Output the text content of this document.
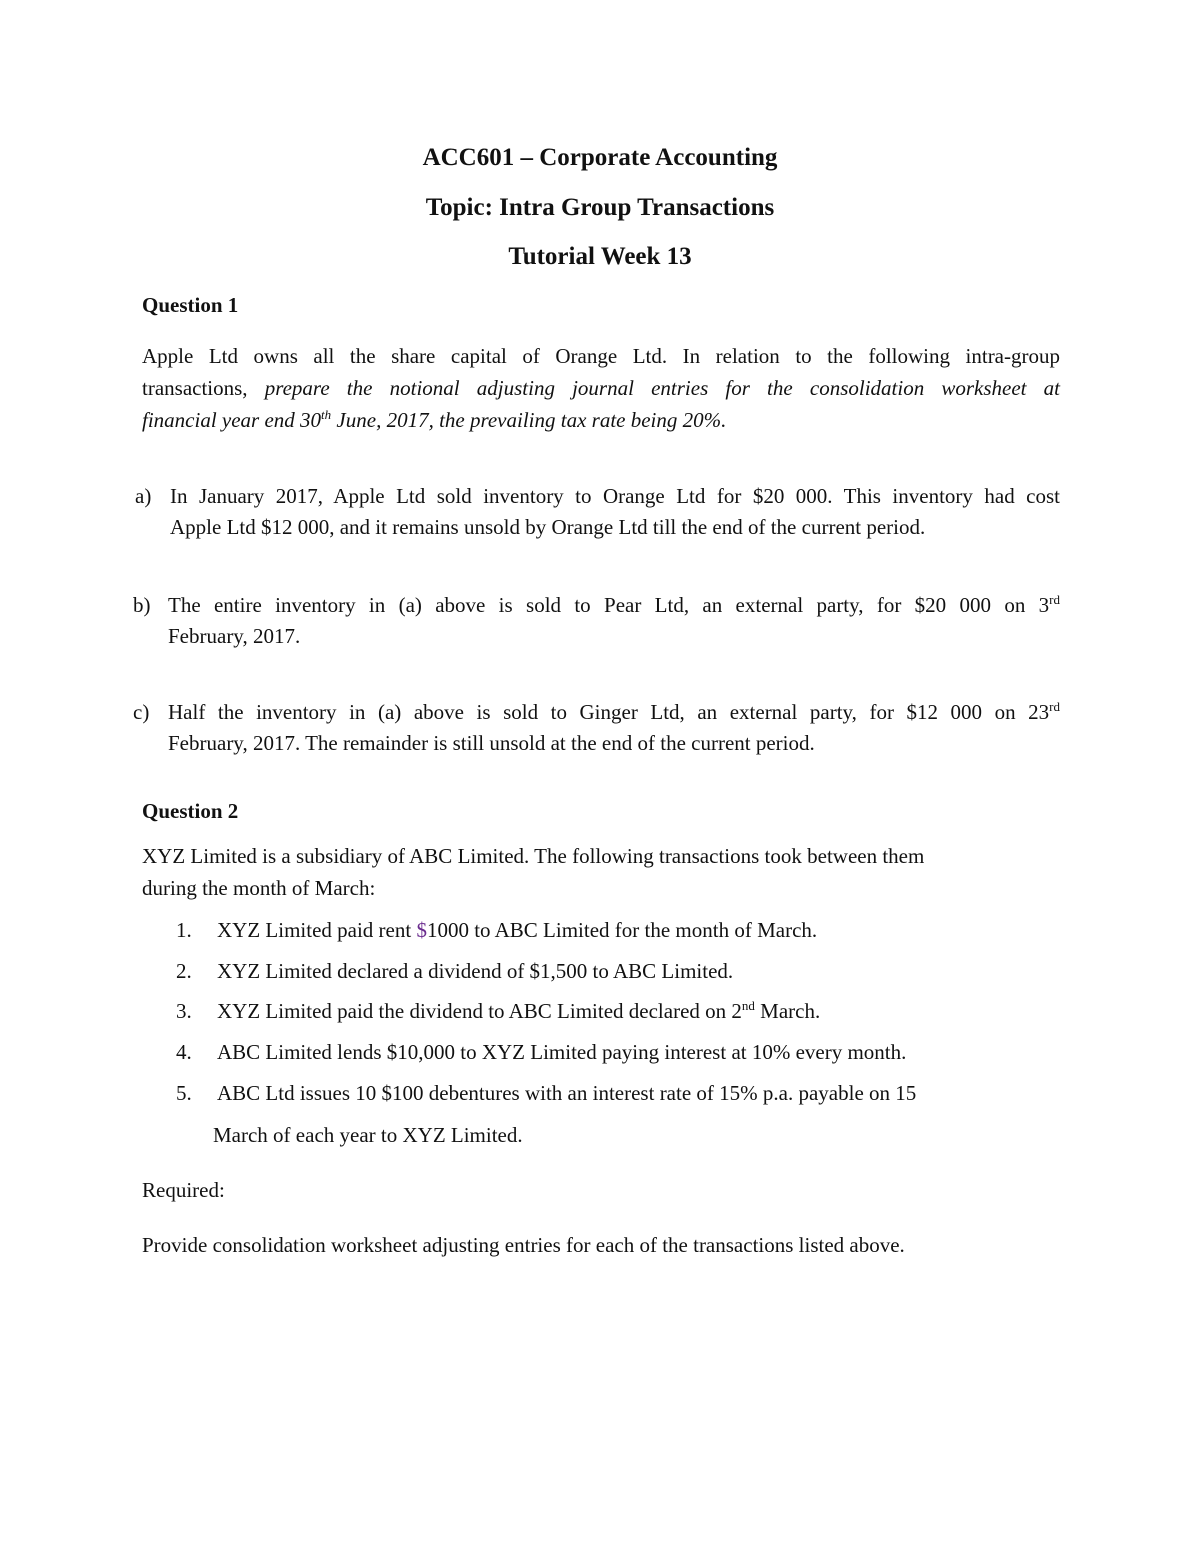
ACC601 – Corporate Accounting
Topic: Intra Group Transactions
Tutorial Week 13
Question 1
Apple Ltd owns all the share capital of Orange Ltd. In relation to the following intra-group
transactions, prepare the notional adjusting journal entries for the consolidation worksheet at
financial year end 30th June, 2017, the prevailing tax rate being 20%.
a) In January 2017, Apple Ltd sold inventory to Orange Ltd for $20 000. This inventory had cost
Apple Ltd $12 000, and it remains unsold by Orange Ltd till the end of the current period.
b) The entire inventory in (a) above is sold to Pear Ltd, an external party, for $20 000 on 3rd
February, 2017.
c) Half the inventory in (a) above is sold to Ginger Ltd, an external party, for $12 000 on 23rd
February, 2017. The remainder is still unsold at the end of the current period.
Question 2
XYZ Limited is a subsidiary of ABC Limited. The following transactions took between them
during the month of March:
1. XYZ Limited paid rent $1000 to ABC Limited for the month of March.
2. XYZ Limited declared a dividend of $1,500 to ABC Limited.
3. XYZ Limited paid the dividend to ABC Limited declared on 2nd March.
4. ABC Limited lends $10,000 to XYZ Limited paying interest at 10% every month.
5. ABC Ltd issues 10 $100 debentures with an interest rate of 15% p.a. payable on 15
March of each year to XYZ Limited.
Required:
Provide consolidation worksheet adjusting entries for each of the transactions listed above.
